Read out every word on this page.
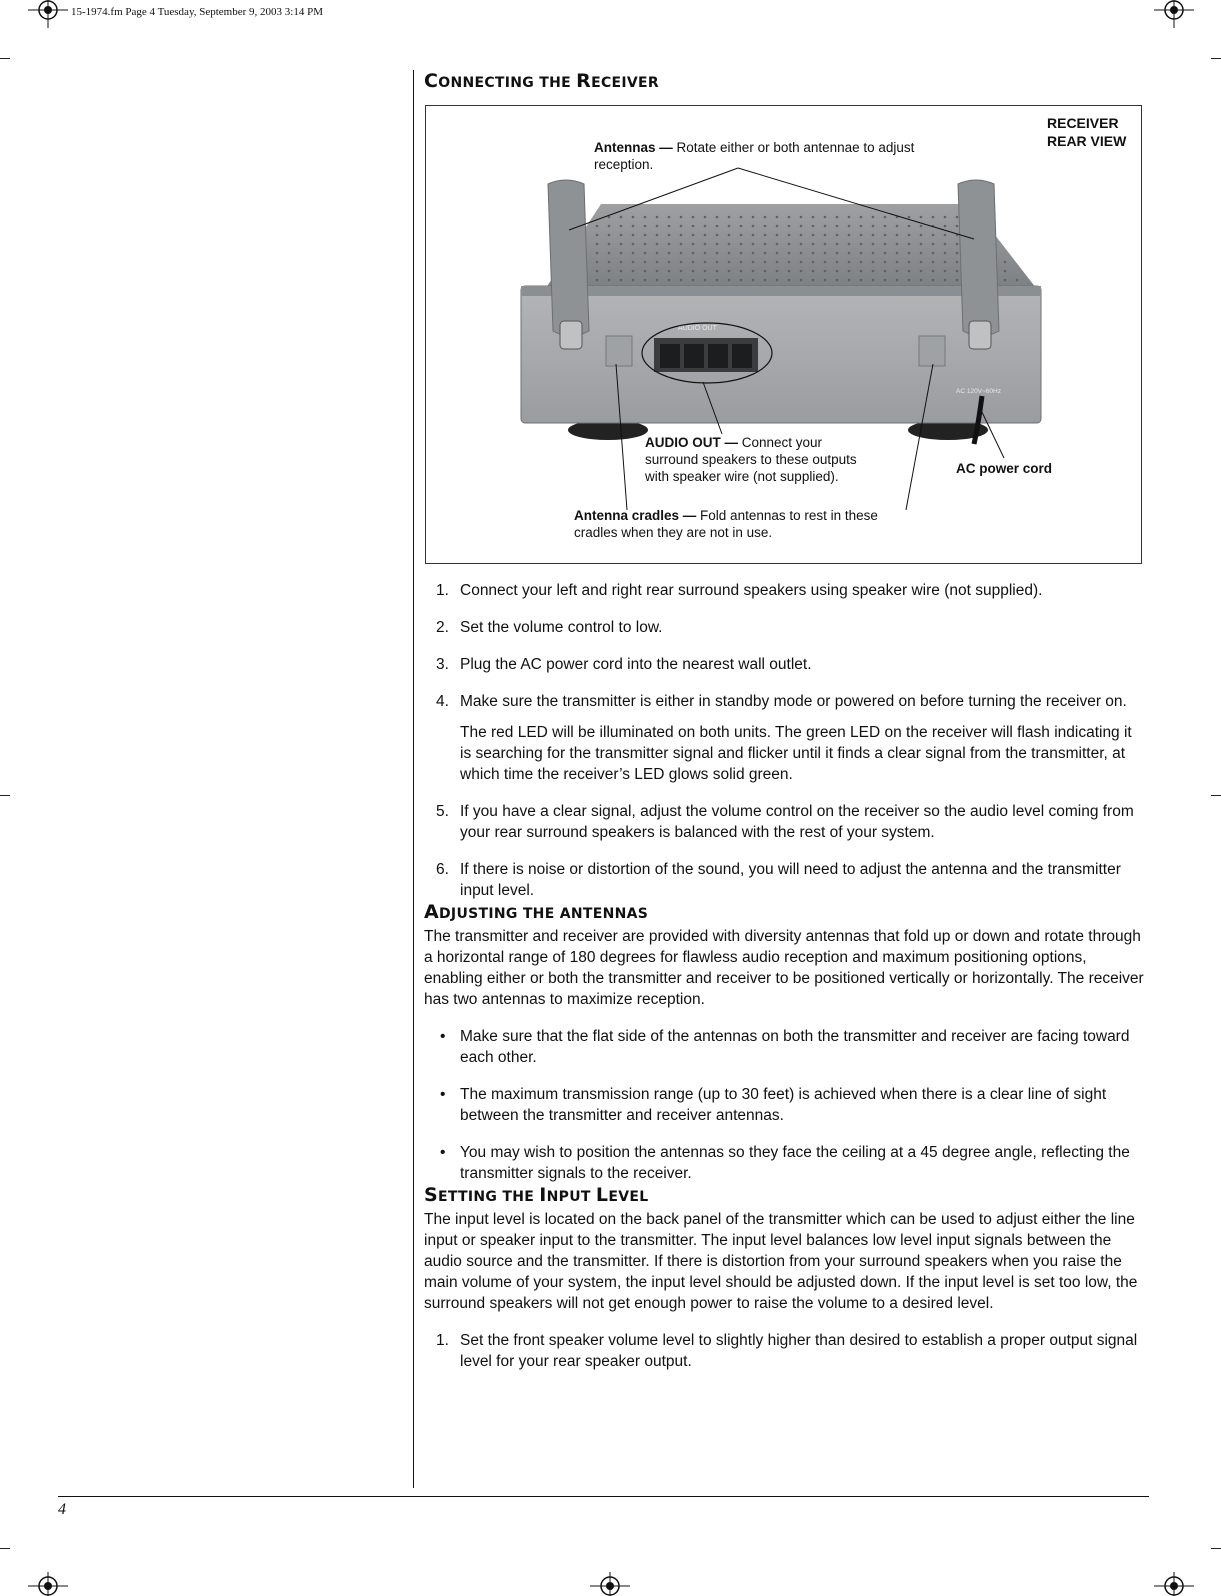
15-1974.fm Page 4 Tuesday, September 9, 2003 3:14 PM
CONNECTING THE RECEIVER
AUDIO OUT
AC 120V~60Hz
RECEIVER
REAR VIEW
Antennas — Rotate either or both antennae to adjust
reception.
AUDIO OUT — Connect your
surround speakers to these outputs
with speaker wire (not supplied).
AC power cord
Antenna cradles — Fold antennas to rest in these
cradles when they are not in use.
1. Connect your left and right rear surround speakers using speaker wire (not supplied).
2. Set the volume control to low.
3. Plug the AC power cord into the nearest wall outlet.
4. Make sure the transmitter is either in standby mode or powered on before turning the receiver on.
The red LED will be illuminated on both units. The green LED on the receiver will flash indicating it is searching for the transmitter signal and flicker until it finds a clear signal from the transmitter, at which time the receiver’s LED glows solid green.
5. If you have a clear signal, adjust the volume control on the receiver so the audio level coming from your rear surround speakers is balanced with the rest of your system.
6. If there is noise or distortion of the sound, you will need to adjust the antenna and the transmitter input level.
ADJUSTING THE ANTENNAS

The transmitter and receiver are provided with diversity antennas that fold up or down and rotate through a horizontal range of 180 degrees for flawless audio reception and maximum positioning options, enabling either or both the transmitter and receiver to be positioned vertically or horizontally. The receiver has two antennas to maximize reception.

• Make sure that the flat side of the antennas on both the transmitter and receiver are facing toward each other.
• The maximum transmission range (up to 30 feet) is achieved when there is a clear line of sight between the transmitter and receiver antennas.
• You may wish to position the antennas so they face the ceiling at a 45 degree angle, reflecting the transmitter signals to the receiver.
SETTING THE INPUT LEVEL

The input level is located on the back panel of the transmitter which can be used to adjust either the line input or speaker input to the transmitter. The input level balances low level input signals between the audio source and the transmitter. If there is distortion from your surround speakers when you raise the main volume of your system, the input level should be adjusted down. If the input level is set too low, the surround speakers will not get enough power to raise the volume to a desired level.

1. Set the front speaker volume level to slightly higher than desired to establish a proper output signal level for your rear speaker output.
4
